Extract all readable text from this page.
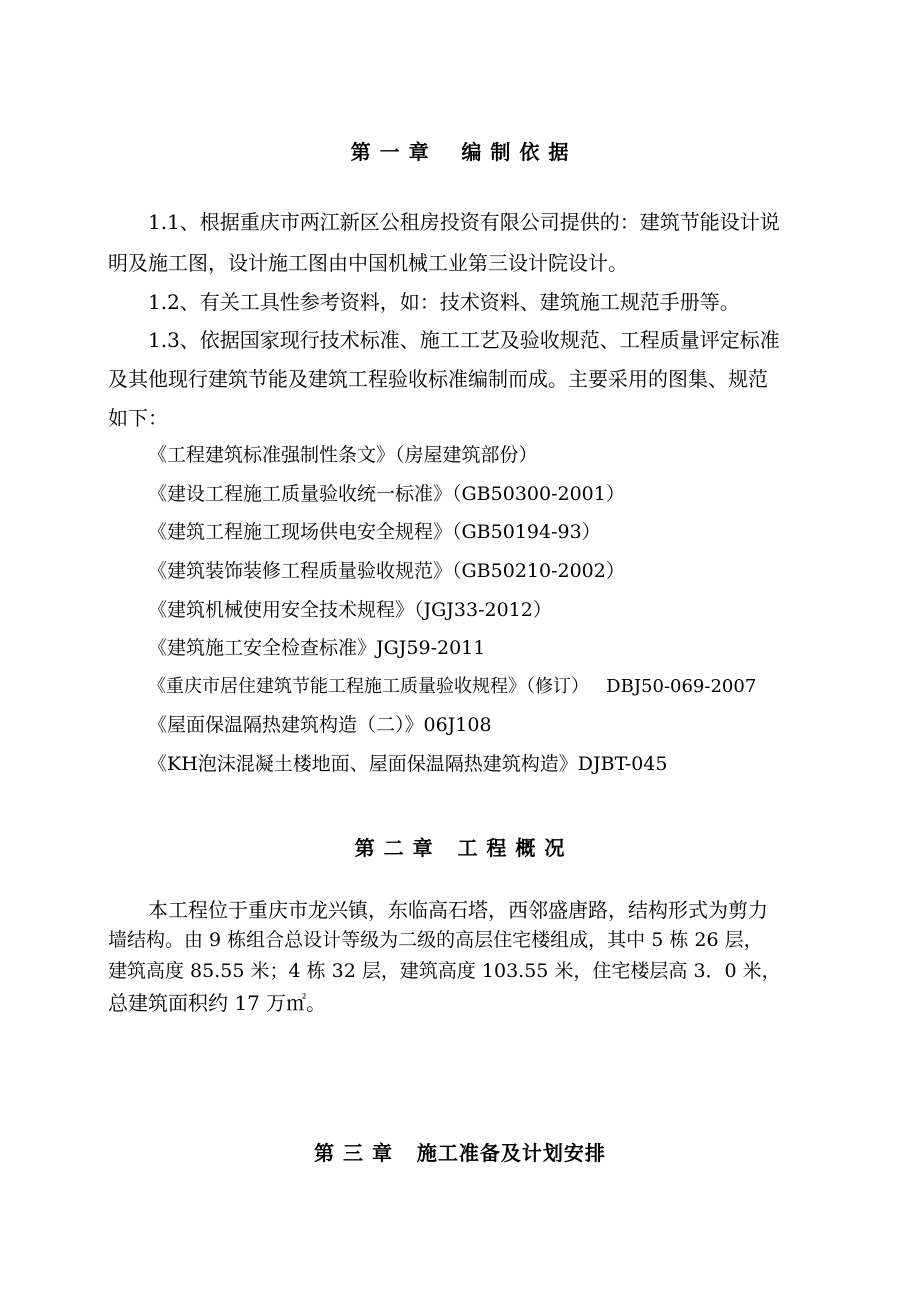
第 一 章    编 制 依 据
1.1、根据重庆市两江新区公租房投资有限公司提供的：建筑节能设计说
明及施工图，设计施工图由中国机械工业第三设计院设计。
1.2、有关工具性参考资料，如：技术资料、建筑施工规范手册等。
1.3、依据国家现行技术标准、施工工艺及验收规范、工程质量评定标准
及其他现行建筑节能及建筑工程验收标准编制而成。主要采用的图集、规范
如下：
《工程建筑标准强制性条文》（房屋建筑部份）
《建设工程施工质量验收统一标准》（GB50300-2001）
《建筑工程施工现场供电安全规程》（GB50194-93）
《建筑装饰装修工程质量验收规范》（GB50210-2002）
《建筑机械使用安全技术规程》（JGJ33-2012）
《建筑施工安全检查标准》JGJ59-2011
《重庆市居住建筑节能工程施工质量验收规程》（修订）   DBJ50-069-2007
《屋面保温隔热建筑构造（二）》06J108
《KH泡沫混凝土楼地面、屋面保温隔热建筑构造》DJBT-045
第 二 章   工 程 概 况
本工程位于重庆市龙兴镇，东临高石塔，西邻盛唐路，结构形式为剪力
墙结构。由 9 栋组合总设计等级为二级的高层住宅楼组成，其中 5 栋 26 层，
建筑高度 85.55 米；4 栋 32 层，建筑高度 103.55 米，住宅楼层高 3．0 米，
总建筑面积约 17 万㎡。
第 三 章   施工准备及计划安排
